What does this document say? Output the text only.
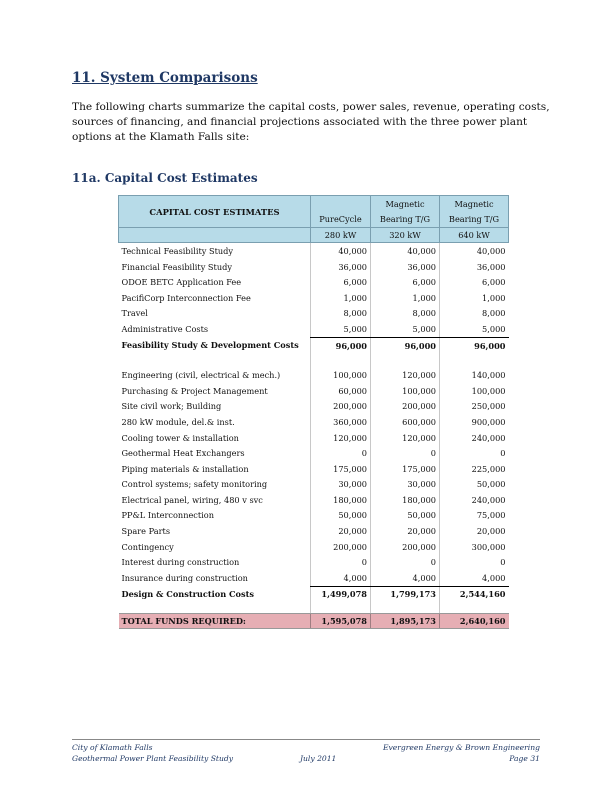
11. System Comparisons
The following charts summarize the capital costs, power sales, revenue, operating costs, sources of financing, and financial projections associated with the three power plant options at the Klamath Falls site:
11a. Capital Cost Estimates
CAPITAL COST ESTIMATES		Magnetic	Magnetic
	PureCycle	Bearing T/G	Bearing T/G
	280 kW	320 kW	640 kW
Technical Feasibility Study	40,000	40,000	40,000
Financial Feasibility Study	36,000	36,000	36,000
ODOE BETC Application Fee	6,000	6,000	6,000
PacifiCorp Interconnection Fee	1,000	1,000	1,000
Travel	8,000	8,000	8,000
Administrative Costs	5,000	5,000	5,000
Feasibility Study & Development Costs	96,000	96,000	96,000

Engineering (civil, electrical & mech.)	100,000	120,000	140,000
Purchasing & Project Management	60,000	100,000	100,000
Site civil work; Building	200,000	200,000	250,000
280 kW module, del.& inst.	360,000	600,000	900,000
Cooling tower & installation	120,000	120,000	240,000
Geothermal Heat Exchangers	0	0	0
Piping materials & installation	175,000	175,000	225,000
Control systems; safety monitoring	30,000	30,000	50,000
Electrical panel, wiring, 480 v svc	180,000	180,000	240,000
PP&L Interconnection	50,000	50,000	75,000
Spare Parts	20,000	20,000	20,000
Contingency	200,000	200,000	300,000
Interest during construction	0	0	0
Insurance during construction	4,000	4,000	4,000
Design & Construction Costs	1,499,078	1,799,173	2,544,160

TOTAL FUNDS REQUIRED:	1,595,078	1,895,173	2,640,160
City of Klamath Falls
Geothermal Power Plant Feasibility Study	July 2011
Evergreen Energy & Brown Engineering
Page 31
